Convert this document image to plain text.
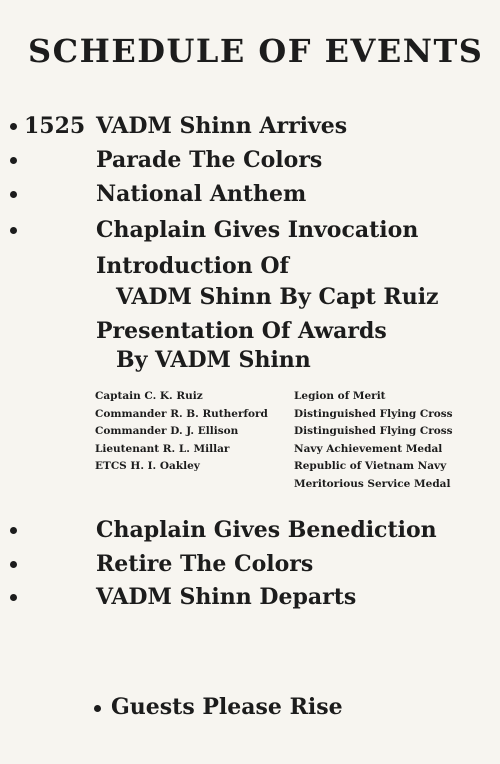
SCHEDULE OF EVENTS
1525 VADM Shinn Arrives
Parade The Colors
National Anthem
Chaplain Gives Invocation
Introduction Of
VADM Shinn By Capt Ruiz
Presentation Of Awards
By VADM Shinn
Captain C. K. Ruiz	Legion of Merit
Commander R. B. Rutherford Distinguished Flying Cross
Commander D. J. Ellison	Distinguished Flying Cross
Lieutenant R. L. Millar	Navy Achievement Medal
ETCS H. I. Oakley	Republic of Vietnam Navy
Meritorious Service Medal
Chaplain Gives Benediction
Retire The Colors
VADM Shinn Departs
Guests Please Rise
